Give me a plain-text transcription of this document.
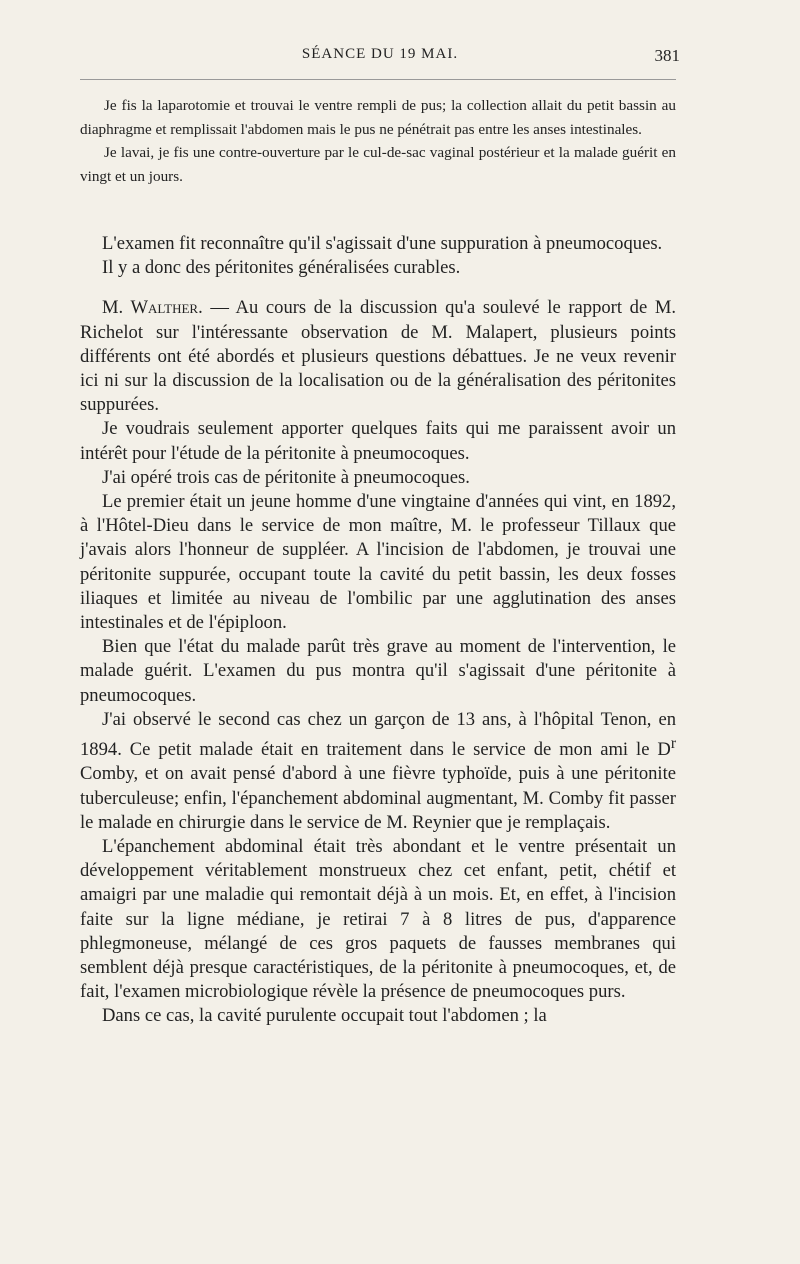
SÉANCE DU 19 MAI.	381

Je fis la laparotomie et trouvai le ventre rempli de pus; la collection allait du petit bassin au diaphragme et remplissait l'abdomen mais le pus ne pénétrait pas entre les anses intestinales.

Je lavai, je fis une contre-ouverture par le cul-de-sac vaginal postérieur et la malade guérit en vingt et un jours.

L'examen fit reconnaître qu'il s'agissait d'une suppuration à pneumocoques.

Il y a donc des péritonites généralisées curables.

M. Walther. — Au cours de la discussion qu'a soulevé le rapport de M. Richelot sur l'intéressante observation de M. Malapert, plusieurs points différents ont été abordés et plusieurs questions débattues. Je ne veux revenir ici ni sur la discussion de la localisation ou de la généralisation des péritonites suppurées.

Je voudrais seulement apporter quelques faits qui me paraissent avoir un intérêt pour l'étude de la péritonite à pneumocoques.

J'ai opéré trois cas de péritonite à pneumocoques.

Le premier était un jeune homme d'une vingtaine d'années qui vint, en 1892, à l'Hôtel-Dieu dans le service de mon maître, M. le professeur Tillaux que j'avais alors l'honneur de suppléer. A l'incision de l'abdomen, je trouvai une péritonite suppurée, occupant toute la cavité du petit bassin, les deux fosses iliaques et limitée au niveau de l'ombilic par une agglutination des anses intestinales et de l'épiploon.

Bien que l'état du malade parût très grave au moment de l'intervention, le malade guérit. L'examen du pus montra qu'il s'agissait d'une péritonite à pneumocoques.

J'ai observé le second cas chez un garçon de 13 ans, à l'hôpital Tenon, en 1894. Ce petit malade était en traitement dans le service de mon ami le $D^r$ Comby, et on avait pensé d'abord à une fièvre typhoïde, puis à une péritonite tuberculeuse; enfin, l'épanchement abdominal augmentant, M. Comby fit passer le malade en chirurgie dans le service de M. Reynier que je remplaçais.

L'épanchement abdominal était très abondant et le ventre présentait un développement véritablement monstrueux chez cet enfant, petit, chétif et amaigri par une maladie qui remontait déjà à un mois. Et, en effet, à l'incision faite sur la ligne médiane, je retirai 7 à 8 litres de pus, d'apparence phlegmoneuse, mélangé de ces gros paquets de fausses membranes qui semblent déjà presque caractéristiques, de la péritonite à pneumocoques, et, de fait, l'examen microbiologique révèle la présence de pneumocoques purs.

Dans ce cas, la cavité purulente occupait tout l'abdomen ; la
